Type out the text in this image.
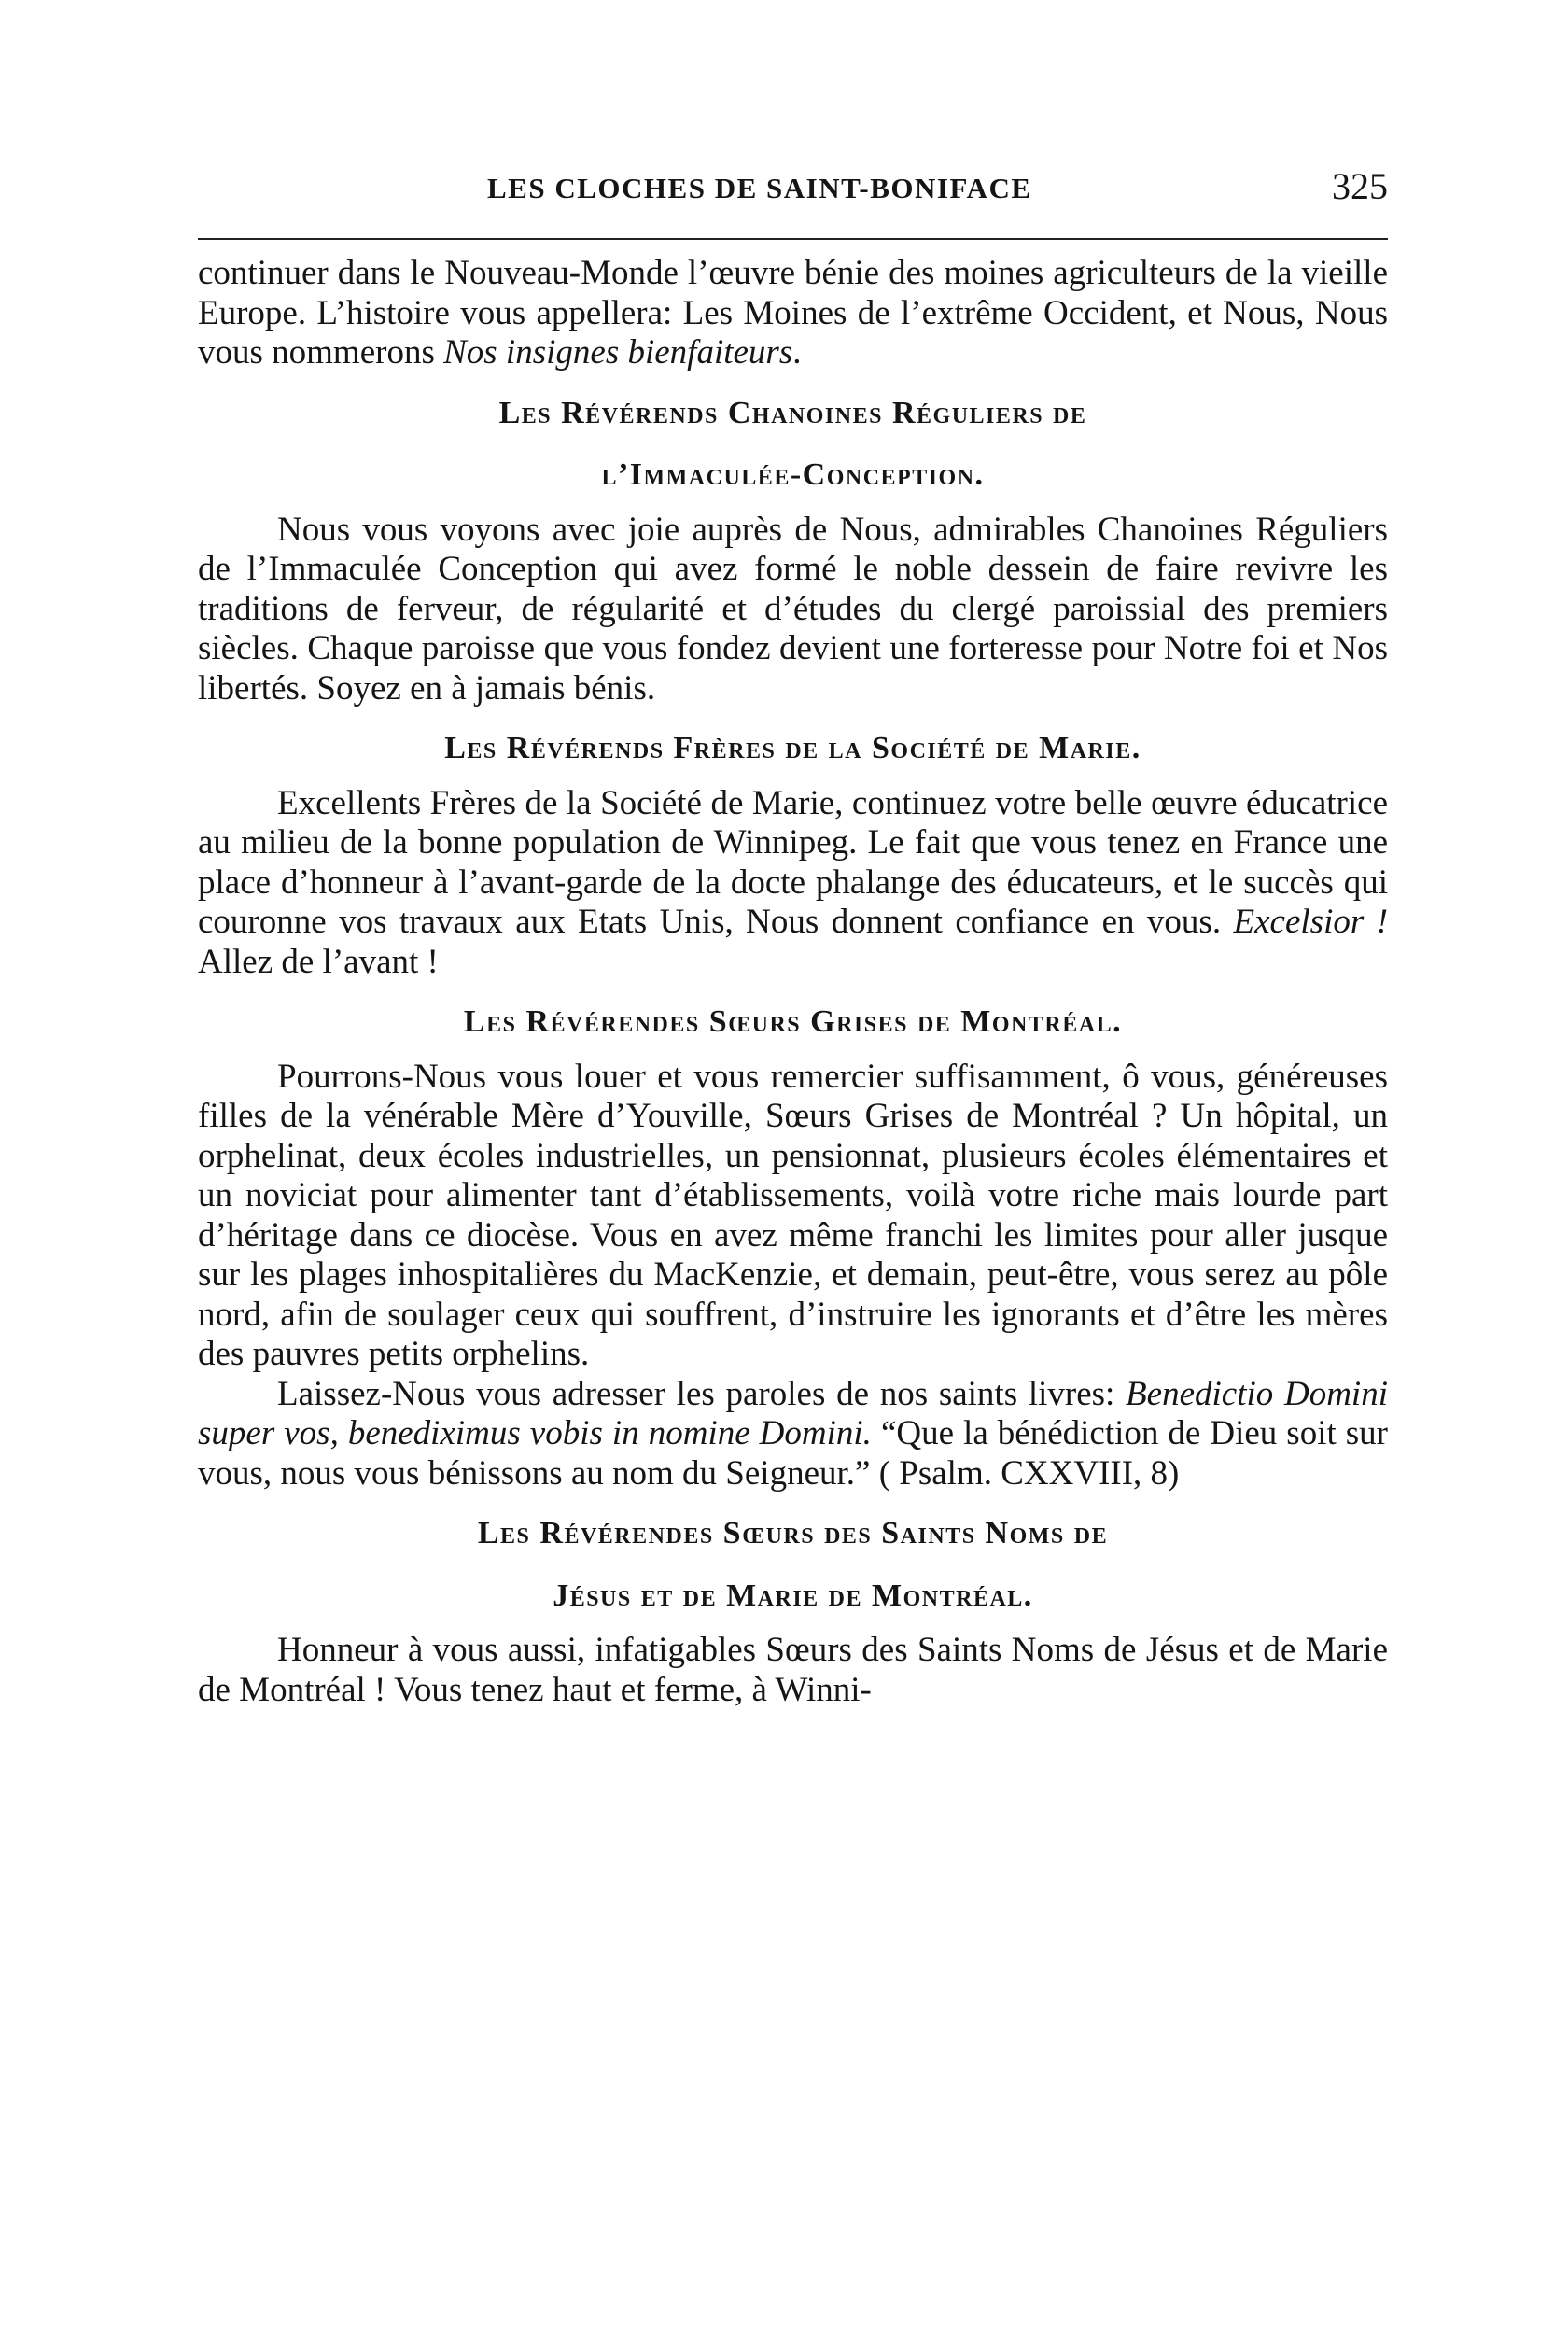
LES CLOCHES DE SAINT-BONIFACE	325

continuer dans le Nouveau-Monde l’œuvre bénie des moines agriculteurs de la vieille Europe. L’histoire vous appellera: Les Moines de l’extrême Occident, et Nous, Nous vous nommerons Nos insignes bienfaiteurs.

Les Révérends Chanoines Réguliers de
l’Immaculée-Conception.

Nous vous voyons avec joie auprès de Nous, admirables Chanoines Réguliers de l’Immaculée Conception qui avez formé le noble dessein de faire revivre les traditions de ferveur, de régularité et d’études du clergé paroissial des premiers siècles. Chaque paroisse que vous fondez devient une forteresse pour Notre foi et Nos libertés. Soyez en à jamais bénis.

Les Révérends Frères de la Société de Marie.

Excellents Frères de la Société de Marie, continuez votre belle œuvre éducatrice au milieu de la bonne population de Winnipeg. Le fait que vous tenez en France une place d’honneur à l’avant-garde de la docte phalange des éducateurs, et le succès qui couronne vos travaux aux Etats Unis, Nous donnent confiance en vous. Excelsior ! Allez de l’avant !

Les Révérendes Sœurs Grises de Montréal.

Pourrons-Nous vous louer et vous remercier suffisamment, ô vous, généreuses filles de la vénérable Mère d’Youville, Sœurs Grises de Montréal ? Un hôpital, un orphelinat, deux écoles industrielles, un pensionnat, plusieurs écoles élémentaires et un noviciat pour alimenter tant d’établissements, voilà votre riche mais lourde part d’héritage dans ce diocèse. Vous en avez même franchi les limites pour aller jusque sur les plages inhospitalières du MacKenzie, et demain, peut-être, vous serez au pôle nord, afin de soulager ceux qui souffrent, d’instruire les ignorants et d’être les mères des pauvres petits orphelins.

Laissez-Nous vous adresser les paroles de nos saints livres: Benedictio Domini super vos, benediximus vobis in nomine Domini. “Que la bénédiction de Dieu soit sur vous, nous vous bénissons au nom du Seigneur.” ( Psalm. CXXVIII, 8)

Les Révérendes Sœurs des Saints Noms de
Jésus et de Marie de Montréal.

Honneur à vous aussi, infatigables Sœurs des Saints Noms de Jésus et de Marie de Montréal ! Vous tenez haut et ferme, à Winni-
